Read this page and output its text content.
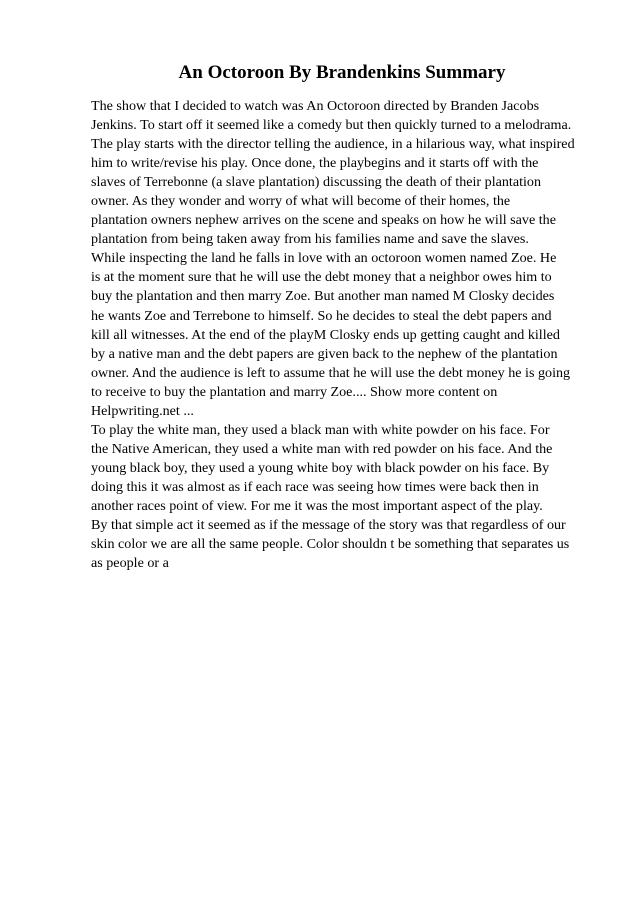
An Octoroon By Brandenkins Summary
The show that I decided to watch was An Octoroon directed by Branden Jacobs
Jenkins. To start off it seemed like a comedy but then quickly turned to a melodrama.
The play starts with the director telling the audience, in a hilarious way, what inspired
him to write/revise his play. Once done, the playbegins and it starts off with the
slaves of Terrebonne (a slave plantation) discussing the death of their plantation
owner. As they wonder and worry of what will become of their homes, the
plantation owners nephew arrives on the scene and speaks on how he will save the
plantation from being taken away from his families name and save the slaves.
While inspecting the land he falls in love with an octoroon women named Zoe. He
is at the moment sure that he will use the debt money that a neighbor owes him to
buy the plantation and then marry Zoe. But another man named M Closky decides
he wants Zoe and Terrebone to himself. So he decides to steal the debt papers and
kill all witnesses. At the end of the playM Closky ends up getting caught and killed
by a native man and the debt papers are given back to the nephew of the plantation
owner. And the audience is left to assume that he will use the debt money he is going
to receive to buy the plantation and marry Zoe.... Show more content on
Helpwriting.net ...
To play the white man, they used a black man with white powder on his face. For
the Native American, they used a white man with red powder on his face. And the
young black boy, they used a young white boy with black powder on his face. By
doing this it was almost as if each race was seeing how times were back then in
another races point of view. For me it was the most important aspect of the play.
By that simple act it seemed as if the message of the story was that regardless of our
skin color we are all the same people. Color shouldn t be something that separates us
as people or a
